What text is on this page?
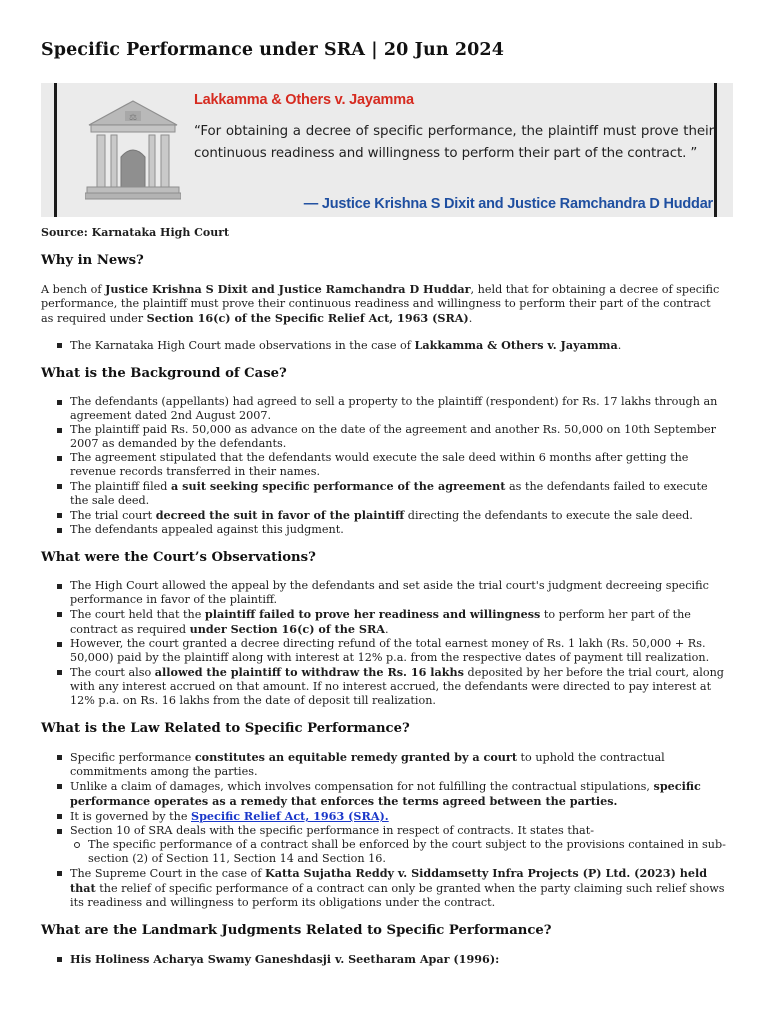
Specific Performance under SRA | 20 Jun 2024
⚖

Lakkamma & Others v. Jayamma

“For obtaining a decree of specific performance, the plaintiff must prove their continuous readiness and willingness to perform their part of the contract. ”

— Justice Krishna S Dixit and Justice Ramchandra D Huddar

Source: Karnataka High Court

Why in News?

A bench of Justice Krishna S Dixit and Justice Ramchandra D Huddar, held that for obtaining a decree of specific performance, the plaintiff must prove their continuous readiness and willingness to perform their part of the contract as required under Section 16(c) of the Specific Relief Act, 1963 (SRA).

The Karnataka High Court made observations in the case of Lakkamma & Others v. Jayamma.
What is the Background of Case?
The defendants (appellants) had agreed to sell a property to the plaintiff (respondent) for Rs. 17 lakhs through an agreement dated 2nd August 2007.
The plaintiff paid Rs. 50,000 as advance on the date of the agreement and another Rs. 50,000 on 10th September 2007 as demanded by the defendants.
The agreement stipulated that the defendants would execute the sale deed within 6 months after getting the revenue records transferred in their names.
The plaintiff filed a suit seeking specific performance of the agreement as the defendants failed to execute the sale deed.
The trial court decreed the suit in favor of the plaintiff directing the defendants to execute the sale deed.
The defendants appealed against this judgment.
What were the Court’s Observations?
The High Court allowed the appeal by the defendants and set aside the trial court's judgment decreeing specific performance in favor of the plaintiff.
The court held that the plaintiff failed to prove her readiness and willingness to perform her part of the contract as required under Section 16(c) of the SRA.
However, the court granted a decree directing refund of the total earnest money of Rs. 1 lakh (Rs. 50,000 + Rs. 50,000) paid by the plaintiff along with interest at 12% p.a. from the respective dates of payment till realization.
The court also allowed the plaintiff to withdraw the Rs. 16 lakhs deposited by her before the trial court, along with any interest accrued on that amount. If no interest accrued, the defendants were directed to pay interest at 12% p.a. on Rs. 16 lakhs from the date of deposit till realization.
What is the Law Related to Specific Performance?
Specific performance constitutes an equitable remedy granted by a court to uphold the contractual commitments among the parties.
Unlike a claim of damages, which involves compensation for not fulfilling the contractual stipulations, specific performance operates as a remedy that enforces the terms agreed between the parties.
It is governed by the Specific Relief Act, 1963 (SRA).
Section 10 of SRA deals with the specific performance in respect of contracts. It states that-
The specific performance of a contract shall be enforced by the court subject to the provisions contained in sub-section (2) of Section 11, Section 14 and Section 16.
The Supreme Court in the case of Katta Sujatha Reddy v. Siddamsetty Infra Projects (P) Ltd. (2023) held that the relief of specific performance of a contract can only be granted when the party claiming such relief shows its readiness and willingness to perform its obligations under the contract.
What are the Landmark Judgments Related to Specific Performance?
His Holiness Acharya Swamy Ganeshdasji v. Seetharam Apar (1996):
